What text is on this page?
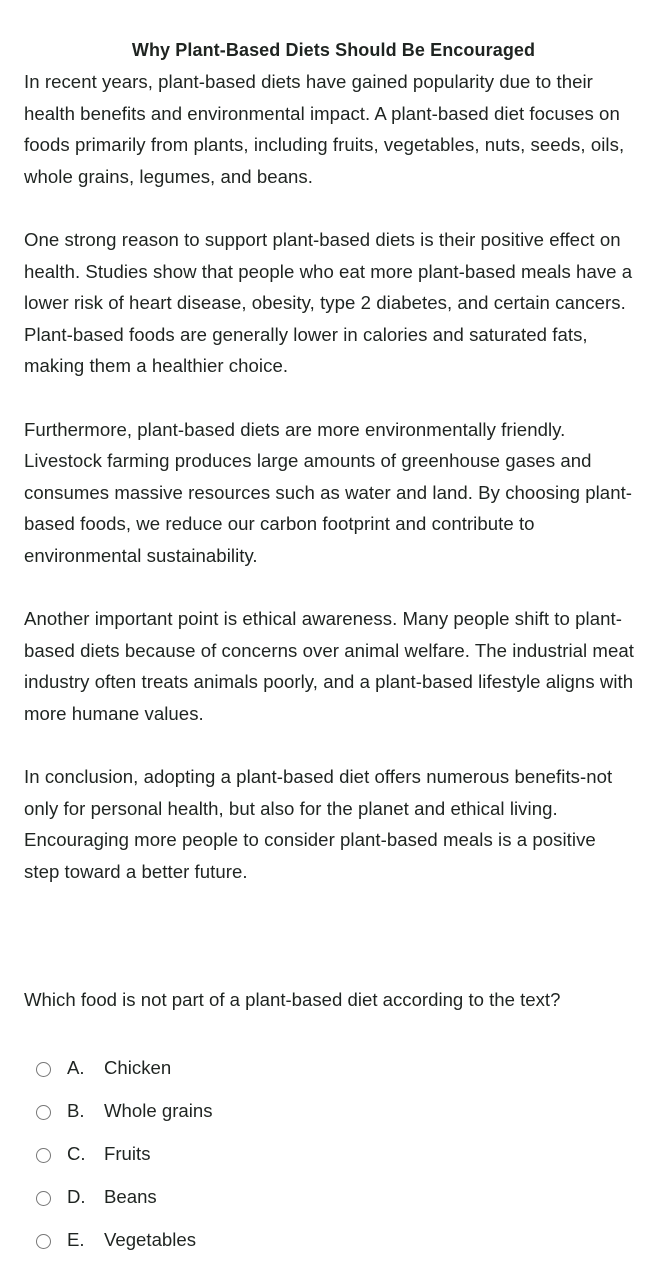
Why Plant-Based Diets Should Be Encouraged

In recent years, plant-based diets have gained popularity due to their health benefits and environmental impact. A plant-based diet focuses on foods primarily from plants, including fruits, vegetables, nuts, seeds, oils, whole grains, legumes, and beans.

One strong reason to support plant-based diets is their positive effect on health. Studies show that people who eat more plant-based meals have a lower risk of heart disease, obesity, type 2 diabetes, and certain cancers. Plant-based foods are generally lower in calories and saturated fats, making them a healthier choice.

Furthermore, plant-based diets are more environmentally friendly. Livestock farming produces large amounts of greenhouse gases and consumes massive resources such as water and land. By choosing plant-based foods, we reduce our carbon footprint and contribute to environmental sustainability.

Another important point is ethical awareness. Many people shift to plant-based diets because of concerns over animal welfare. The industrial meat industry often treats animals poorly, and a plant-based lifestyle aligns with more humane values.

In conclusion, adopting a plant-based diet offers numerous benefits-not only for personal health, but also for the planet and ethical living. Encouraging more people to consider plant-based meals is a positive step toward a better future.

Which food is not part of a plant-based diet according to the text?

A.	Chicken
B.	Whole grains
C. Fruits
D. Beans
E.	Vegetables
